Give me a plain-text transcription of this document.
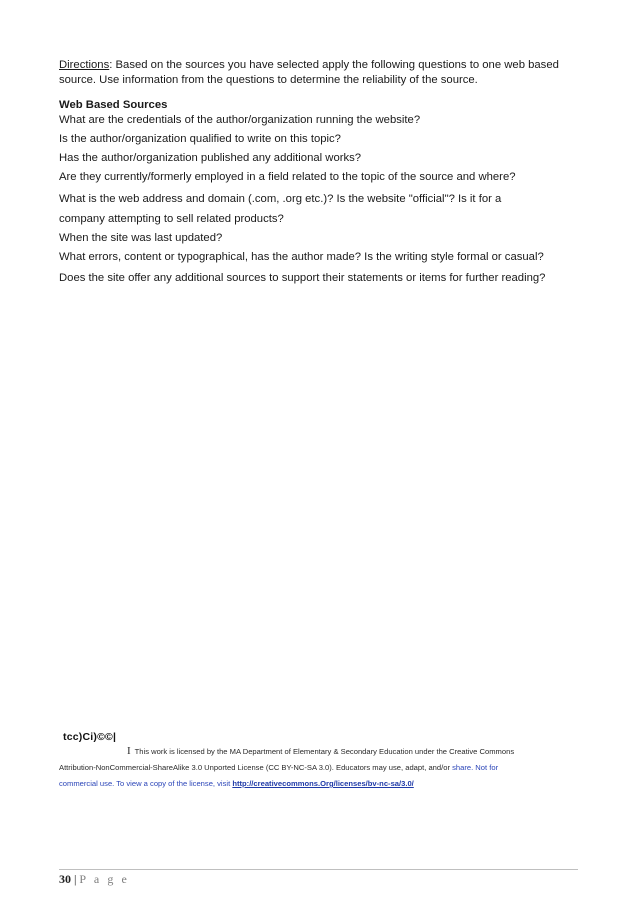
Directions: Based on the sources you have selected apply the following questions to one web based source. Use information from the questions to determine the reliability of the source.

Web Based Sources

What are the credentials of the author/organization running the website?

Is the author/organization qualified to write on this topic?

Has the author/organization published any additional works?

Are they currently/formerly employed in a field related to the topic of the source and where?

What is the web address and domain (.com, .org etc.)? Is the website "official"? Is it for a company attempting to sell related products?

When the site was last updated?

What errors, content or typographical, has the author made? Is the writing style formal or casual?

Does the site offer any additional sources to support their statements or items for further reading?

tcc)Ci)©©|
I This work is licensed by the MA Department of Elementary & Secondary Education under the Creative Commons
Attribution-NonCommercial-ShareAlike 3.0 Unported License (CC BY-NC-SA 3.0). Educators may use, adapt, and/or share. Not for
commercial use. To view a copy of the license, visit http://creativecommons.Org/licenses/bv-nc-sa/3.0/
30 | P a g e
